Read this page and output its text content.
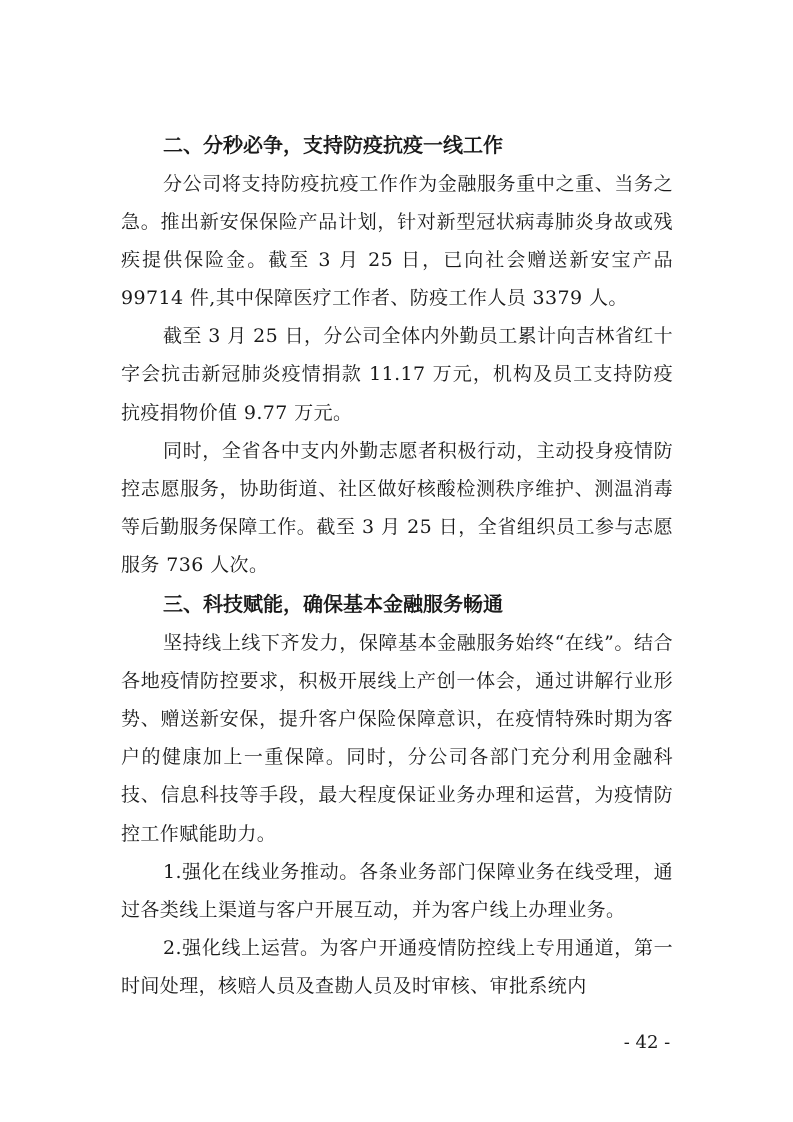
二、分秒必争，支持防疫抗疫一线工作

分公司将支持防疫抗疫工作作为金融服务重中之重、当务之急。推出新安保保险产品计划，针对新型冠状病毒肺炎身故或残疾提供保险金。截至 3 月 25 日，已向社会赠送新安宝产品 99714 件,其中保障医疗工作者、防疫工作人员 3379 人。

截至 3 月 25 日，分公司全体内外勤员工累计向吉林省红十字会抗击新冠肺炎疫情捐款 11.17 万元，机构及员工支持防疫抗疫捐物价值 9.77 万元。

同时，全省各中支内外勤志愿者积极行动，主动投身疫情防控志愿服务，协助街道、社区做好核酸检测秩序维护、测温消毒等后勤服务保障工作。截至 3 月 25 日，全省组织员工参与志愿服务 736 人次。

三、科技赋能，确保基本金融服务畅通

坚持线上线下齐发力，保障基本金融服务始终“在线”。结合各地疫情防控要求，积极开展线上产创一体会，通过讲解行业形势、赠送新安保，提升客户保险保障意识，在疫情特殊时期为客户的健康加上一重保障。同时，分公司各部门充分利用金融科技、信息科技等手段，最大程度保证业务办理和运营，为疫情防控工作赋能助力。

1.强化在线业务推动。各条业务部门保障业务在线受理，通过各类线上渠道与客户开展互动，并为客户线上办理业务。

2.强化线上运营。为客户开通疫情防控线上专用通道，第一时间处理，核赔人员及查勘人员及时审核、审批系统内

- 42 -
